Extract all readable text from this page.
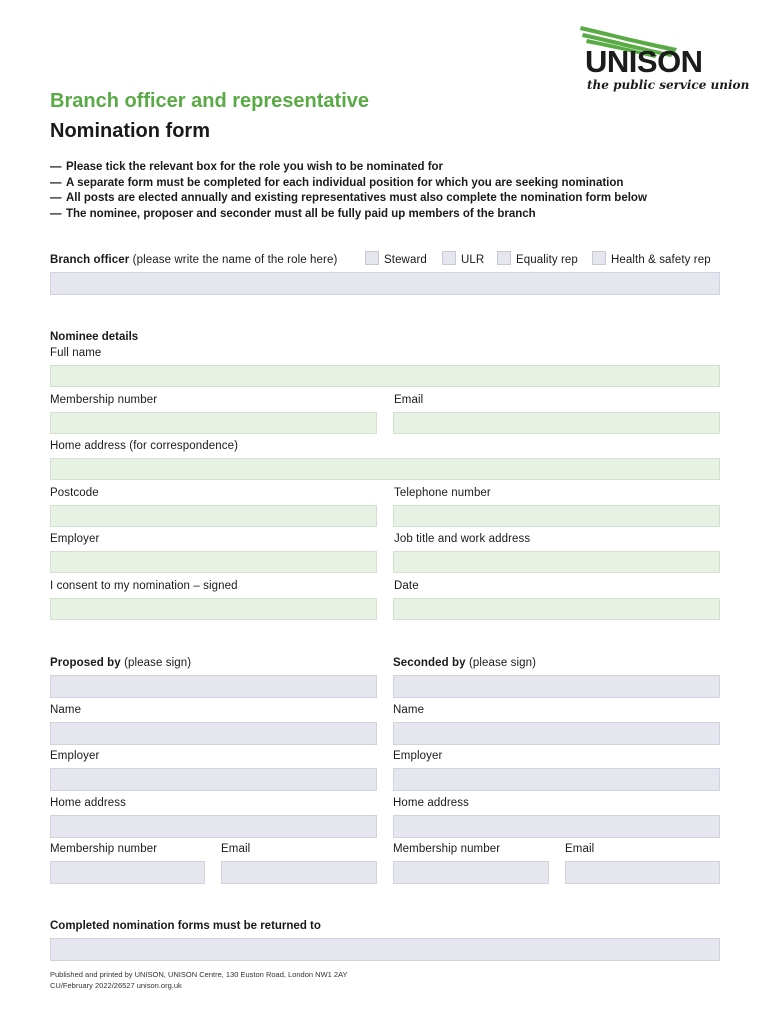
UNISON
the public service union
Branch officer and representative
Nomination form
— Please tick the relevant box for the role you wish to be nominated for
— A separate form must be completed for each individual position for which you are seeking nomination
— All posts are elected annually and existing representatives must also complete the nomination form below
— The nominee, proposer and seconder must all be fully paid up members of the branch
Branch officer (please write the name of the role here)	Steward	ULR	Equality rep	Health & safety rep
Nominee details
Full name
Membership number	Email
Home address (for correspondence)
Postcode	Telephone number
Employer	Job title and work address
I consent to my nomination – signed	Date
Proposed by (please sign)	Seconded by (please sign)
Name	Name
Employer	Employer
Home address	Home address
Membership number	Email	Membership number	Email
Completed nomination forms must be returned to
Published and printed by UNISON, UNISON Centre, 130 Euston Road, London NW1 2AY
CU/February 2022/26527 unison.org.uk
